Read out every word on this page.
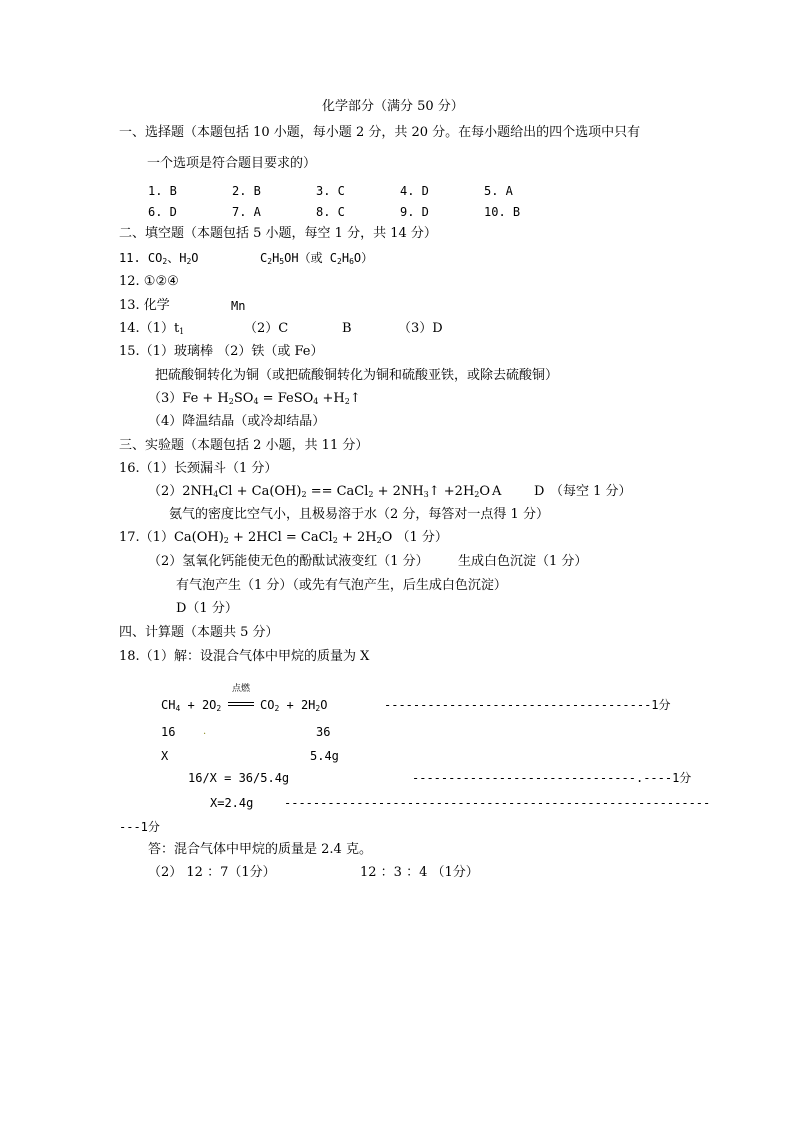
化学部分（满分 50 分）
一、选择题（本题包括 10 小题，每小题 2 分，共 20 分。在每小题给出的四个选项中只有
一个选项是符合题目要求的）
1. B	2. B	3. C	4. D	5. A
6. D	7. A	8. C	9. D	10. B
二、填空题（本题包括 5 小题，每空 1 分，共 14 分）
11. $CO_2$、$H_2O$	$C_2H_5OH$（或 $C_2H_6O$）
12. ①②④
13. 化学	Mn
$14.(1)t_1$	（2）C	B	（3）D
15.（1）玻璃棒 （2）铁（或 Fe）
把硫酸铜转化为铜（或把硫酸铜转化为铜和硫酸亚铁，或除去硫酸铜）
$(3)Fe + H_2SO_4$ = FeSO$_4$ $+H_2↑$
（4）降温结晶（或冷却结晶）
三、实验题（本题包括 2 小题，共 11 分）
16.（1）长颈漏斗（1 分）
$(2)2NH_4Cl + Ca(OH)_2$ == CaCl$_2$ + $2NH_3↑ +2H_2O$ A	D （每空 1 分）
氨气的密度比空气小，且极易溶于水（2 分，每答对一点得 1 分）
$17.(1)Ca(OH)_2 + 2HCl$ = CaCl$_2$ + $2H_2O$ （1 分）
（2）氢氧化钙能使无色的酚酞试液变红（1 分） 生成白色沉淀（1 分）
有气泡产生（1 分）（或先有气泡产生，后生成白色沉淀）
D（1 分）
四、计算题（本题共 5 分）
18.（1）解：设混合气体中甲烷的质量为 X
点燃
$CH_4 + 2O_2$	$CO_2 + 2H_2O$	-------------------------------------1分
16	.	36
X	5.4g
16/X = 36/5.4g	-------------------------------.----1分
X=2.4g	-----------------------------------------------------------
---1分
答：混合气体中甲烷的质量是 2.4 克。
（2） 12 ：7（1分）	12 ：3 ：4 （1分）
